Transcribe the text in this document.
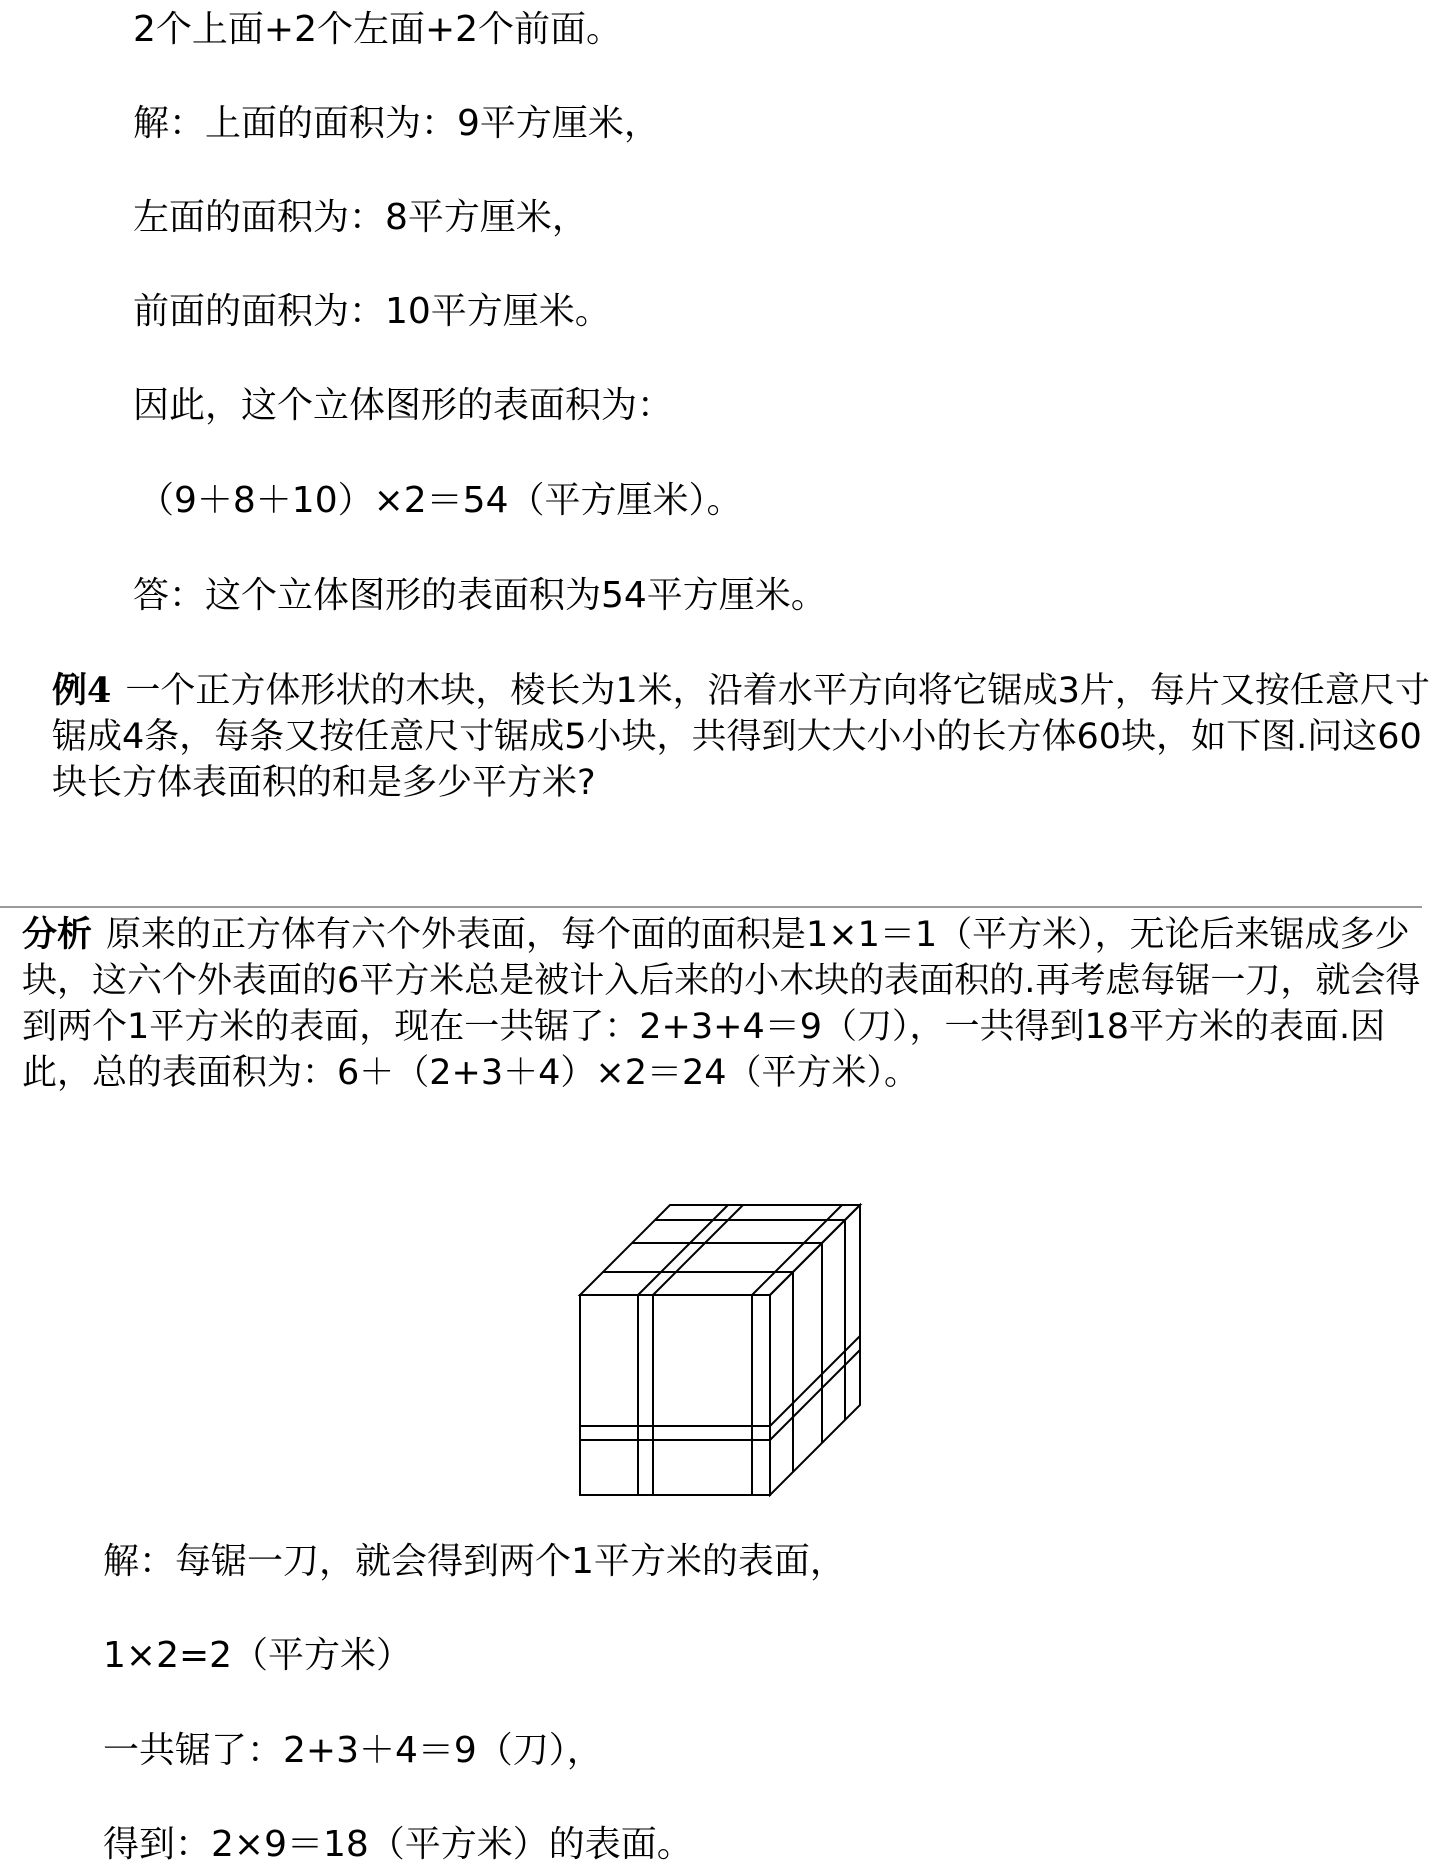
2个上面+2个左面+2个前面。

解：上面的面积为：9平方厘米，

左面的面积为：8平方厘米，

前面的面积为：10平方厘米。

因此，这个立体图形的表面积为：

（9＋8＋10）×2＝54（平方厘米）。

答：这个立体图形的表面积为54平方厘米。

例4 一个正方体形状的木块，棱长为1米，沿着水平方向将它锯成3片，每片又按任意尺寸锯成4条，每条又按任意尺寸锯成5小块，共得到大大小小的长方体60块，如下图.问这60块长方体表面积的和是多少平方米?
分析 原来的正方体有六个外表面，每个面的面积是1×1＝1（平方米），无论后来锯成多少块，这六个外表面的6平方米总是被计入后来的小木块的表面积的.再考虑每锯一刀，就会得到两个1平方米的表面，现在一共锯了：2+3+4＝9（刀），一共得到18平方米的表面.因此，总的表面积为：6＋（2+3＋4）×2＝24（平方米）。

解：每锯一刀，就会得到两个1平方米的表面，

1×2=2（平方米）

一共锯了：2+3＋4＝9（刀），

得到：2×9＝18（平方米）的表面。
